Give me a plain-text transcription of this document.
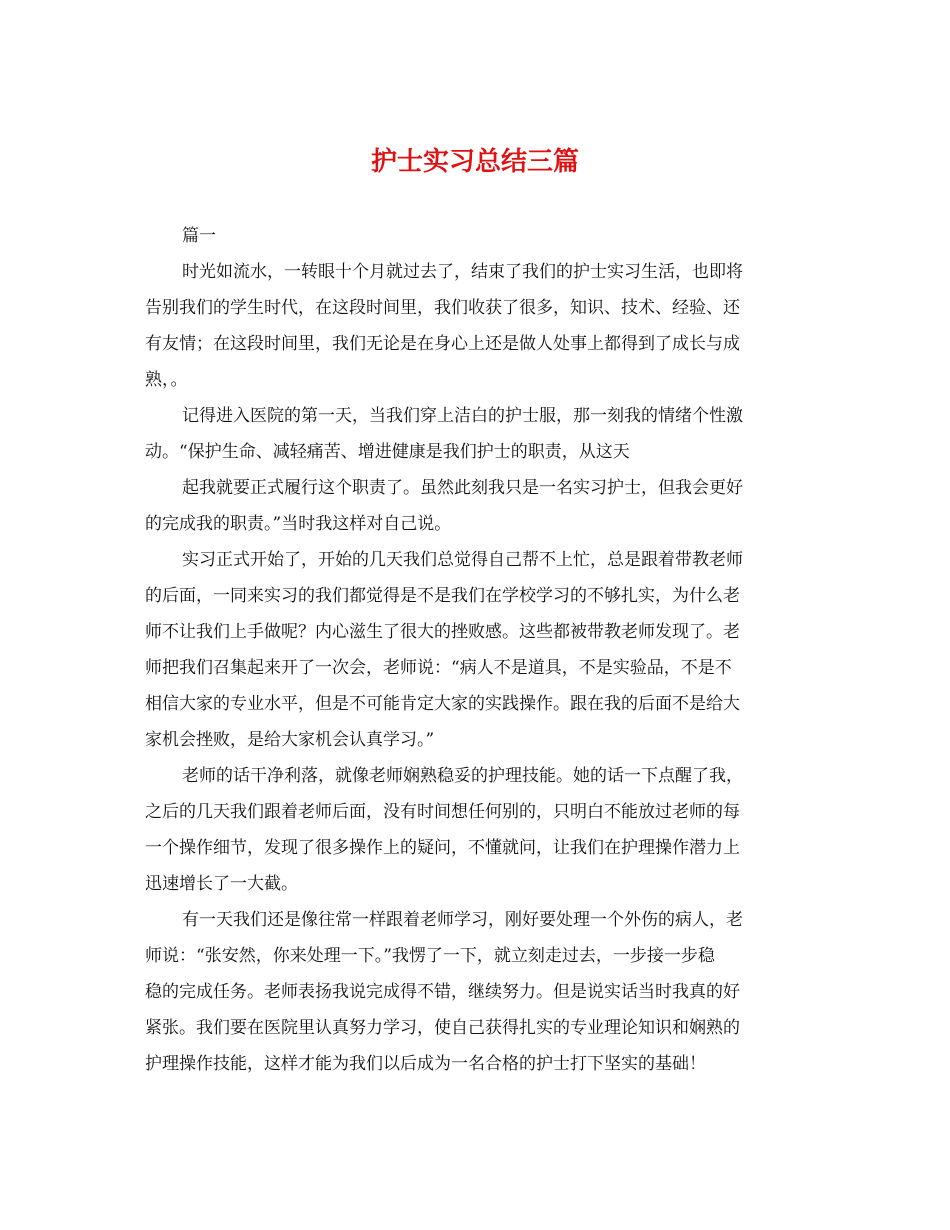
护士实习总结三篇

篇一

时光如流水，一转眼十个月就过去了，结束了我们的护士实习生活，也即将

告别我们的学生时代，在这段时间里，我们收获了很多，知识、技术、经验、还

有友情；在这段时间里，我们无论是在身心上还是做人处事上都得到了成长与成

熟，。

记得进入医院的第一天，当我们穿上洁白的护士服，那一刻我的情绪个性激

动。“保护生命、减轻痛苦、增进健康是我们护士的职责，从这天

起我就要正式履行这个职责了。虽然此刻我只是一名实习护士，但我会更好

的完成我的职责。”当时我这样对自己说。

实习正式开始了，开始的几天我们总觉得自己帮不上忙，总是跟着带教老师

的后面，一同来实习的我们都觉得是不是我们在学校学习的不够扎实，为什么老

师不让我们上手做呢？内心滋生了很大的挫败感。这些都被带教老师发现了。老

师把我们召集起来开了一次会，老师说：“病人不是道具，不是实验品，不是不

相信大家的专业水平，但是不可能肯定大家的实践操作。跟在我的后面不是给大

家机会挫败，是给大家机会认真学习。”

老师的话干净利落，就像老师娴熟稳妥的护理技能。她的话一下点醒了我，

之后的几天我们跟着老师后面，没有时间想任何别的，只明白不能放过老师的每

一个操作细节，发现了很多操作上的疑问，不懂就问，让我们在护理操作潜力上

迅速增长了一大截。

有一天我们还是像往常一样跟着老师学习，刚好要处理一个外伤的病人，老

师说：“张安然，你来处理一下。”我愣了一下，就立刻走过去，一步接一步稳

稳的完成任务。老师表扬我说完成得不错，继续努力。但是说实话当时我真的好

紧张。我们要在医院里认真努力学习，使自己获得扎实的专业理论知识和娴熟的

护理操作技能，这样才能为我们以后成为一名合格的护士打下坚实的基础！
